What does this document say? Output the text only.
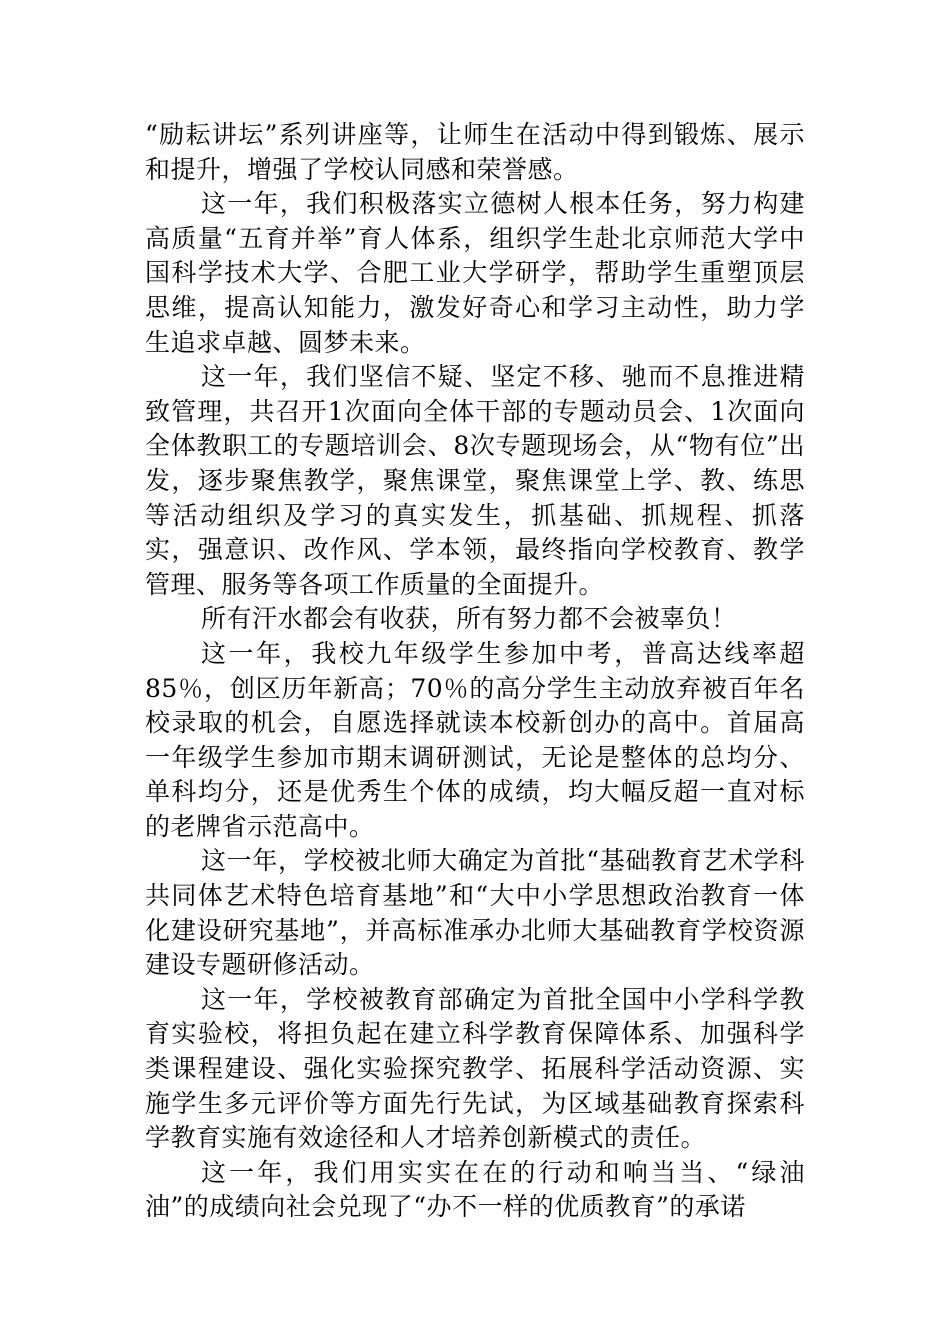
“励耘讲坛”系列讲座等，让师生在活动中得到锻炼、展示和提升，增强了学校认同感和荣誉感。

这一年，我们积极落实立德树人根本任务，努力构建高质量“五育并举”育人体系，组织学生赴北京师范大学中国科学技术大学、合肥工业大学研学，帮助学生重塑顶层思维，提高认知能力，激发好奇心和学习主动性，助力学生追求卓越、圆梦未来。

这一年，我们坚信不疑、坚定不移、驰而不息推进精致管理，共召开1次面向全体干部的专题动员会、1次面向全体教职工的专题培训会、8次专题现场会，从“物有位”出发，逐步聚焦教学，聚焦课堂，聚焦课堂上学、教、练思等活动组织及学习的真实发生，抓基础、抓规程、抓落实，强意识、改作风、学本领，最终指向学校教育、教学管理、服务等各项工作质量的全面提升。

所有汗水都会有收获，所有努力都不会被辜负！

这一年，我校九年级学生参加中考，普高达线率超85％，创区历年新高；70％的高分学生主动放弃被百年名校录取的机会，自愿选择就读本校新创办的高中。首届高一年级学生参加市期末调研测试，无论是整体的总均分、单科均分，还是优秀生个体的成绩，均大幅反超一直对标的老牌省示范高中。

这一年，学校被北师大确定为首批“基础教育艺术学科共同体艺术特色培育基地”和“大中小学思想政治教育一体化建设研究基地”，并高标准承办北师大基础教育学校资源建设专题研修活动。

这一年，学校被教育部确定为首批全国中小学科学教育实验校，将担负起在建立科学教育保障体系、加强科学类课程建设、强化实验探究教学、拓展科学活动资源、实施学生多元评价等方面先行先试，为区域基础教育探索科学教育实施有效途径和人才培养创新模式的责任。

这一年，我们用实实在在的行动和响当当、“绿油油”的成绩向社会兑现了“办不一样的优质教育”的承诺
